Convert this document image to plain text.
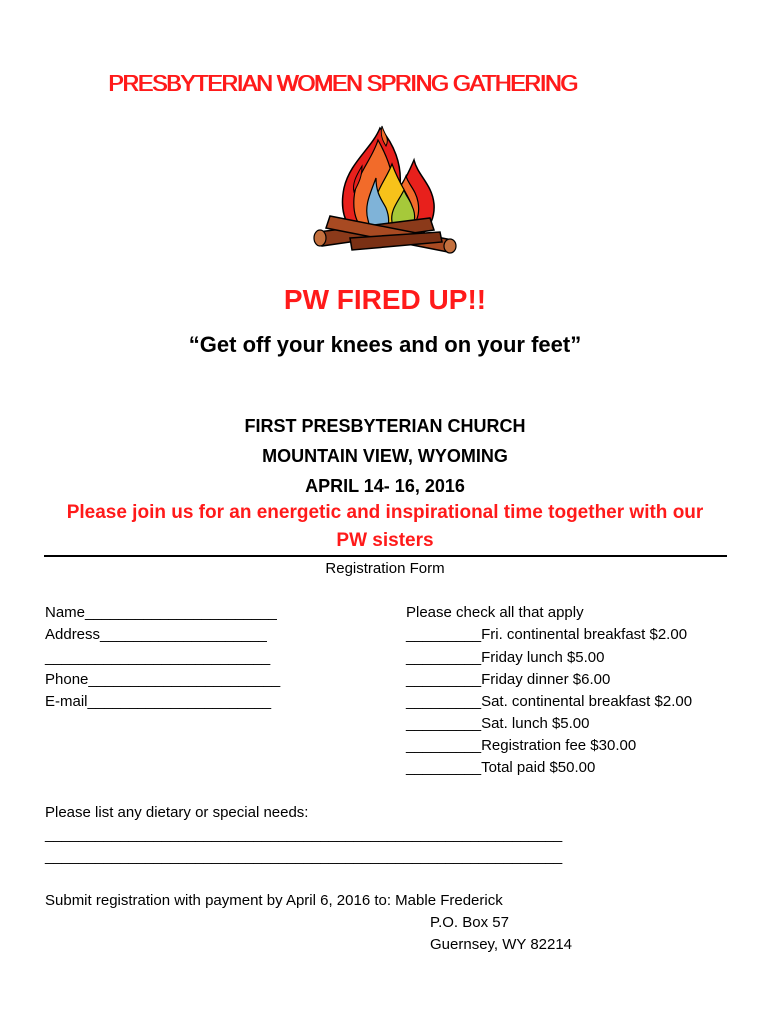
PRESBYTERIAN WOMEN SPRING GATHERING
PW FIRED UP!!
“Get off your knees and on your feet”
FIRST PRESBYTERIAN CHURCH
MOUNTAIN VIEW, WYOMING
APRIL 14- 16, 2016
Please join us for an energetic and inspirational time together with our
PW sisters
Registration Form
Name_______________________
Address____________________
___________________________
Phone_______________________
E-mail______________________
Please check all that apply
_________Fri. continental breakfast $2.00
_________Friday lunch $5.00
_________Friday dinner $6.00
_________Sat. continental breakfast $2.00
_________Sat. lunch $5.00
_________Registration fee $30.00
_________Total paid $50.00
Please list any dietary or special needs:
______________________________________________________________
______________________________________________________________
Submit registration with payment by April 6, 2016 to: Mable Frederick
P.O. Box 57
Guernsey, WY 82214
